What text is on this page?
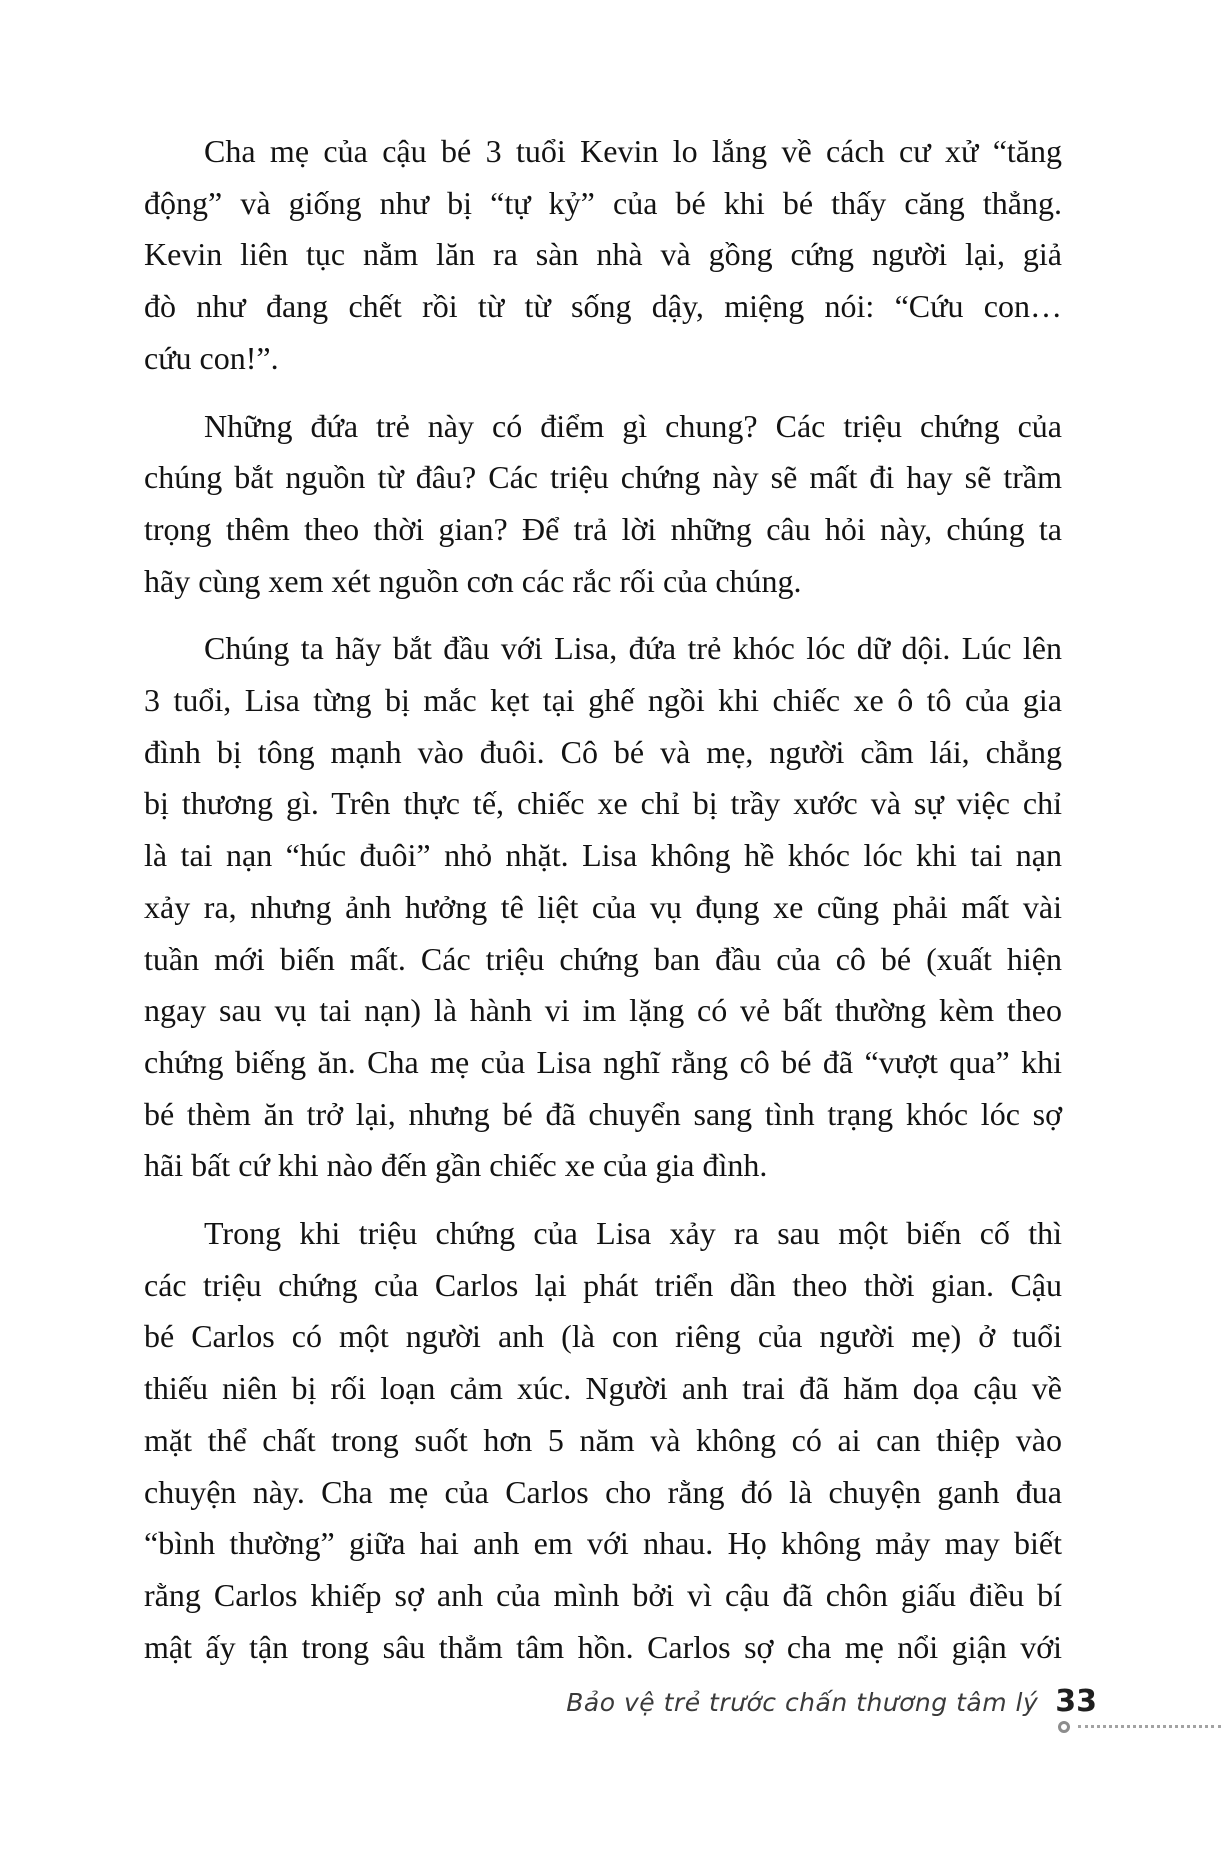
Cha mẹ của cậu bé 3 tuổi Kevin lo lắng về cách cư xử “tăng
động” và giống như bị “tự kỷ” của bé khi bé thấy căng thẳng.
Kevin liên tục nằm lăn ra sàn nhà và gồng cứng người lại, giả
đò như đang chết rồi từ từ sống dậy, miệng nói: “Cứu con…
cứu con!”.
Những đứa trẻ này có điểm gì chung? Các triệu chứng của
chúng bắt nguồn từ đâu? Các triệu chứng này sẽ mất đi hay sẽ trầm
trọng thêm theo thời gian? Để trả lời những câu hỏi này, chúng ta
hãy cùng xem xét nguồn cơn các rắc rối của chúng.
Chúng ta hãy bắt đầu với Lisa, đứa trẻ khóc lóc dữ dội. Lúc lên
3 tuổi, Lisa từng bị mắc kẹt tại ghế ngồi khi chiếc xe ô tô của gia
đình bị tông mạnh vào đuôi. Cô bé và mẹ, người cầm lái, chẳng
bị thương gì. Trên thực tế, chiếc xe chỉ bị trầy xước và sự việc chỉ
là tai nạn “húc đuôi” nhỏ nhặt. Lisa không hề khóc lóc khi tai nạn
xảy ra, nhưng ảnh hưởng tê liệt của vụ đụng xe cũng phải mất vài
tuần mới biến mất. Các triệu chứng ban đầu của cô bé (xuất hiện
ngay sau vụ tai nạn) là hành vi im lặng có vẻ bất thường kèm theo
chứng biếng ăn. Cha mẹ của Lisa nghĩ rằng cô bé đã “vượt qua” khi
bé thèm ăn trở lại, nhưng bé đã chuyển sang tình trạng khóc lóc sợ
hãi bất cứ khi nào đến gần chiếc xe của gia đình.
Trong khi triệu chứng của Lisa xảy ra sau một biến cố thì
các triệu chứng của Carlos lại phát triển dần theo thời gian. Cậu
bé Carlos có một người anh (là con riêng của người mẹ) ở tuổi
thiếu niên bị rối loạn cảm xúc. Người anh trai đã hăm dọa cậu về
mặt thể chất trong suốt hơn 5 năm và không có ai can thiệp vào
chuyện này. Cha mẹ của Carlos cho rằng đó là chuyện ganh đua
“bình thường” giữa hai anh em với nhau. Họ không mảy may biết
rằng Carlos khiếp sợ anh của mình bởi vì cậu đã chôn giấu điều bí
mật ấy tận trong sâu thẳm tâm hồn. Carlos sợ cha mẹ nổi giận với
Bảo vệ trẻ trước chấn thương tâm lý 33
